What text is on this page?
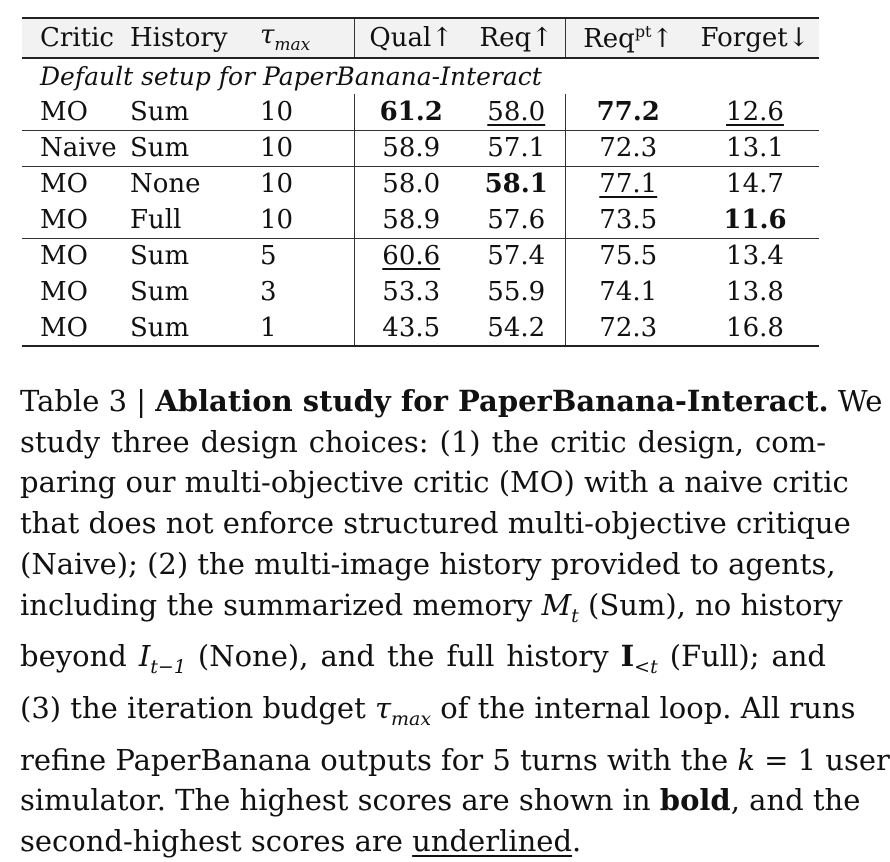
Critic	History	$\tau_{max}$	Qual↑	Req↑	Req$^{pt}$↑	Forget↓
Default setup for PaperBanana-Interact						
MO	Sum	10	61.2	58.0	77.2	12.6
Naive	Sum	10	58.9	57.1	72.3	13.1
MO	None	10	58.0	58.1	77.1	14.7
MO	Full	10	58.9	57.6	73.5	11.6
MO	Sum	5	60.6	57.4	75.5	13.4
MO	Sum	3	53.3	55.9	74.1	13.8
MO	Sum	1	43.5	54.2	72.3	16.8
Table 3 | Ablation study for PaperBanana-Interact. We
study three design choices: (1) the critic design, com-
paring our multi-objective critic (MO) with a naive critic
that does not enforce structured multi-objective critique
(Naive); (2) the multi-image history provided to agents,
including the summarized memory $M_t$ (Sum), no history
beyond $I_{t-1}$ (None), and the full history $I_{<t}$ (Full); and
(3) the iteration budget $\tau_{max}$ of the internal loop. All runs
refine PaperBanana outputs for 5 turns with the k = 1 user
simulator. The highest scores are shown in bold, and the
second-highest scores are underlined.
